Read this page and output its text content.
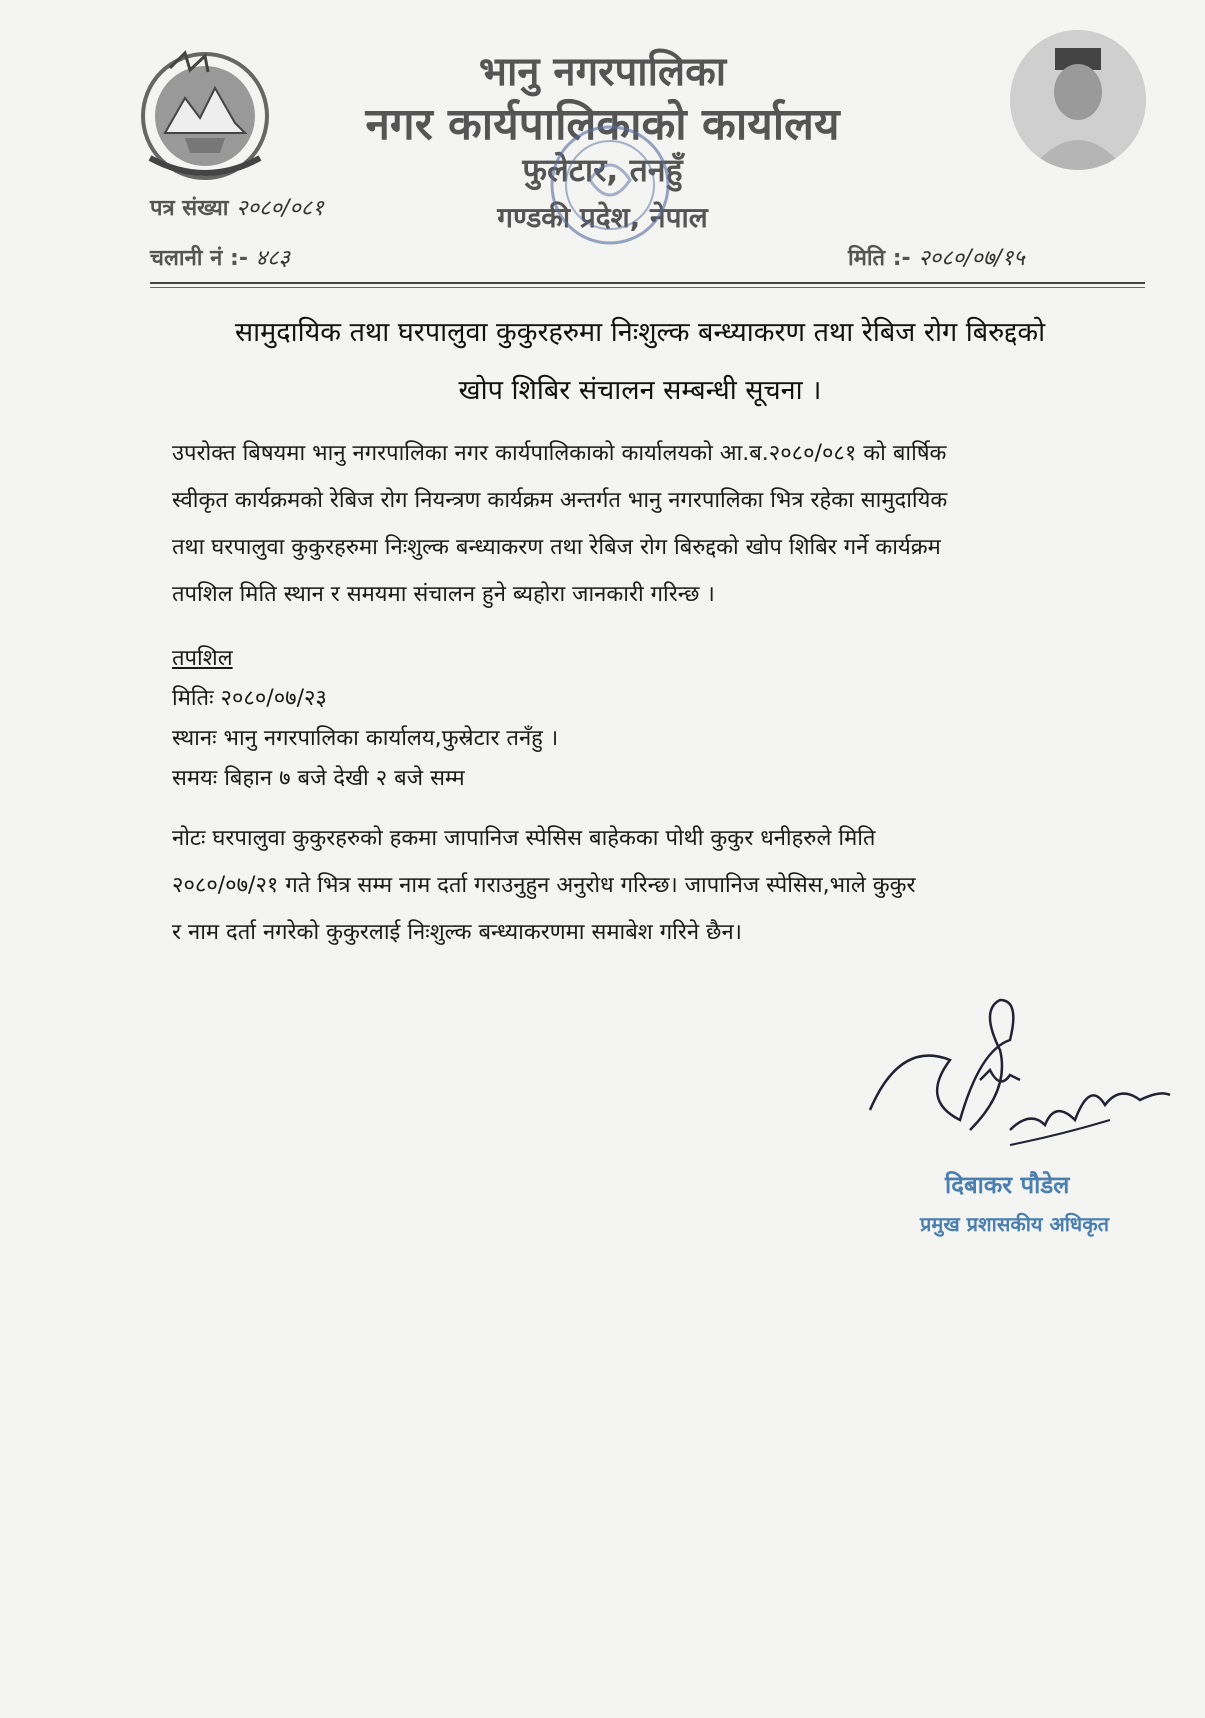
भानु नगरपालिका
नगर कार्यपालिकाको कार्यालय
फुलेटार, तनहुँ
गण्डकी प्रदेश, नेपाल
पत्र संख्या २०८०/०८१
चलानी नं :- ४८३	मिति :- २०८०/०७/१५
सामुदायिक तथा घरपालुवा कुकुरहरुमा निःशुल्क बन्ध्याकरण तथा रेबिज रोग बिरुद्दको
खोप शिबिर संचालन सम्बन्धी सूचना ।
उपरोक्त बिषयमा भानु नगरपालिका नगर कार्यपालिकाको कार्यालयको आ.ब.२०८०/०८१ को बार्षिक
स्वीकृत कार्यक्रमको रेबिज रोग नियन्त्रण कार्यक्रम अन्तर्गत भानु नगरपालिका भित्र रहेका सामुदायिक
तथा घरपालुवा कुकुरहरुमा निःशुल्क बन्ध्याकरण तथा रेबिज रोग बिरुद्दको खोप शिबिर गर्ने कार्यक्रम
तपशिल मिति स्थान र समयमा संचालन हुने ब्यहोरा जानकारी गरिन्छ ।
तपशिल
मितिः २०८०/०७/२३
स्थानः भानु नगरपालिका कार्यालय,फुस्रेटार तनँहु ।
समयः बिहान ७ बजे देखी २ बजे सम्म
नोटः घरपालुवा कुकुरहरुको हकमा जापानिज स्पेसिस बाहेकका पोथी कुकुर धनीहरुले मिति
२०८०/०७/२१ गते भित्र सम्म नाम दर्ता गराउनुहुन अनुरोध गरिन्छ। जापानिज स्पेसिस,भाले कुकुर
र नाम दर्ता नगरेको कुकुरलाई निःशुल्क बन्ध्याकरणमा समाबेश गरिने छैन।
दिबाकर पौडेल
प्रमुख प्रशासकीय अधिकृत
